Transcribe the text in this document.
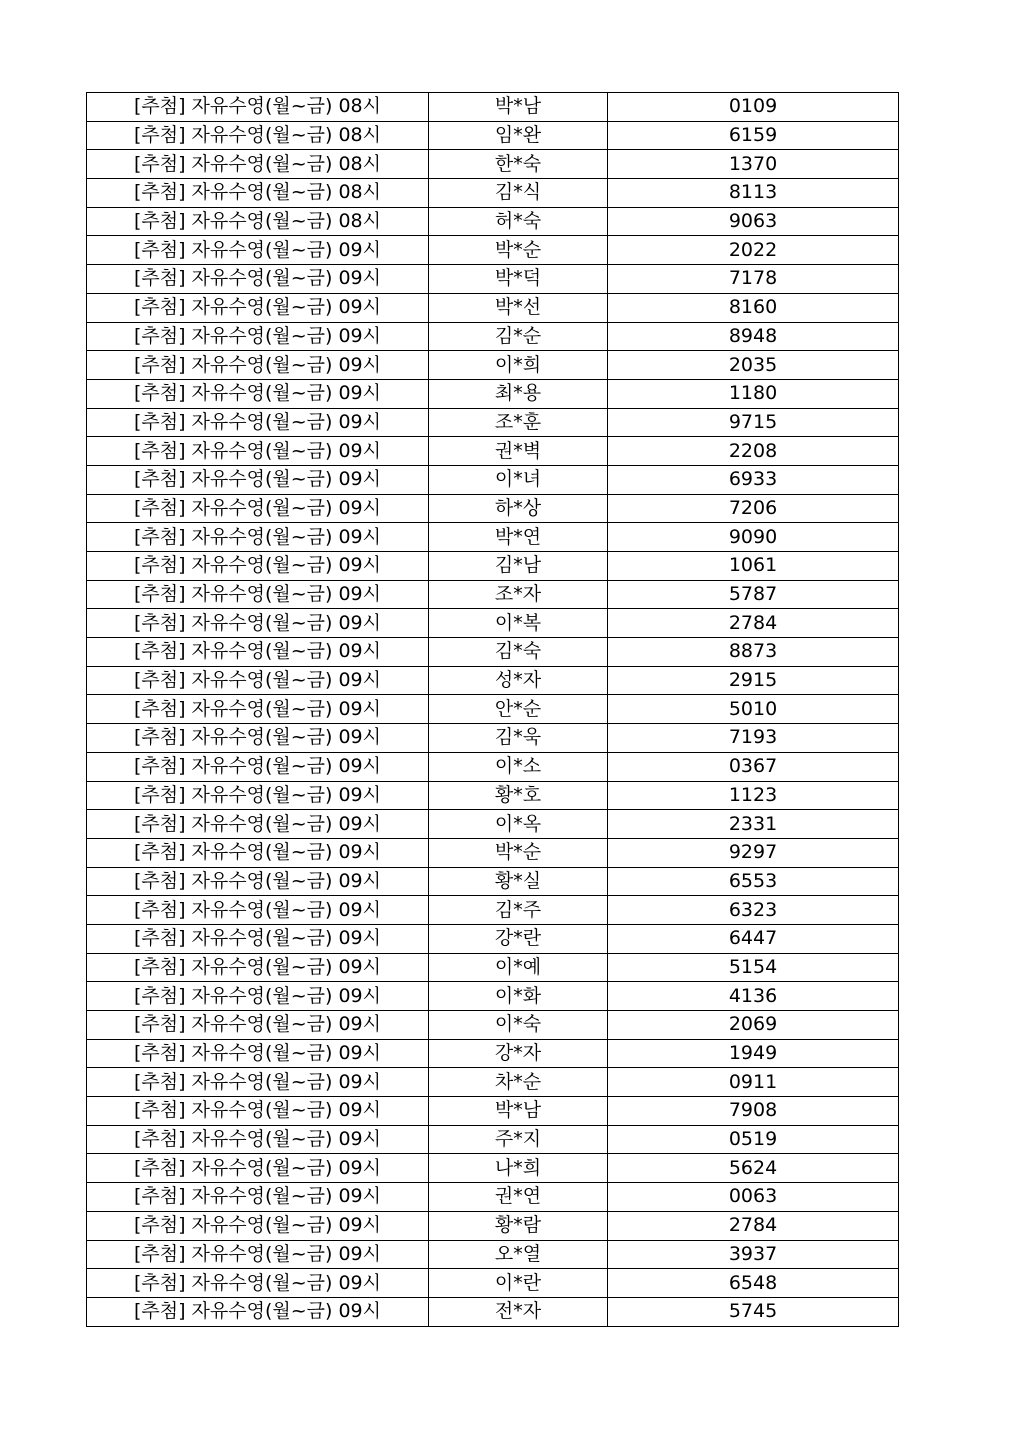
[추첨] 자유수영(월~금) 08시	박*남	0109
[추첨] 자유수영(월~금) 08시	임*완	6159
[추첨] 자유수영(월~금) 08시	한*숙	1370
[추첨] 자유수영(월~금) 08시	김*식	8113
[추첨] 자유수영(월~금) 08시	허*숙	9063
[추첨] 자유수영(월~금) 09시	박*순	2022
[추첨] 자유수영(월~금) 09시	박*덕	7178
[추첨] 자유수영(월~금) 09시	박*선	8160
[추첨] 자유수영(월~금) 09시	김*순	8948
[추첨] 자유수영(월~금) 09시	이*희	2035
[추첨] 자유수영(월~금) 09시	최*용	1180
[추첨] 자유수영(월~금) 09시	조*훈	9715
[추첨] 자유수영(월~금) 09시	권*벽	2208
[추첨] 자유수영(월~금) 09시	이*녀	6933
[추첨] 자유수영(월~금) 09시	하*상	7206
[추첨] 자유수영(월~금) 09시	박*연	9090
[추첨] 자유수영(월~금) 09시	김*남	1061
[추첨] 자유수영(월~금) 09시	조*자	5787
[추첨] 자유수영(월~금) 09시	이*복	2784
[추첨] 자유수영(월~금) 09시	김*숙	8873
[추첨] 자유수영(월~금) 09시	성*자	2915
[추첨] 자유수영(월~금) 09시	안*순	5010
[추첨] 자유수영(월~금) 09시	김*욱	7193
[추첨] 자유수영(월~금) 09시	이*소	0367
[추첨] 자유수영(월~금) 09시	황*호	1123
[추첨] 자유수영(월~금) 09시	이*옥	2331
[추첨] 자유수영(월~금) 09시	박*순	9297
[추첨] 자유수영(월~금) 09시	황*실	6553
[추첨] 자유수영(월~금) 09시	김*주	6323
[추첨] 자유수영(월~금) 09시	강*란	6447
[추첨] 자유수영(월~금) 09시	이*예	5154
[추첨] 자유수영(월~금) 09시	이*화	4136
[추첨] 자유수영(월~금) 09시	이*숙	2069
[추첨] 자유수영(월~금) 09시	강*자	1949
[추첨] 자유수영(월~금) 09시	차*순	0911
[추첨] 자유수영(월~금) 09시	박*남	7908
[추첨] 자유수영(월~금) 09시	주*지	0519
[추첨] 자유수영(월~금) 09시	나*희	5624
[추첨] 자유수영(월~금) 09시	권*연	0063
[추첨] 자유수영(월~금) 09시	황*람	2784
[추첨] 자유수영(월~금) 09시	오*열	3937
[추첨] 자유수영(월~금) 09시	이*란	6548
[추첨] 자유수영(월~금) 09시	전*자	5745
